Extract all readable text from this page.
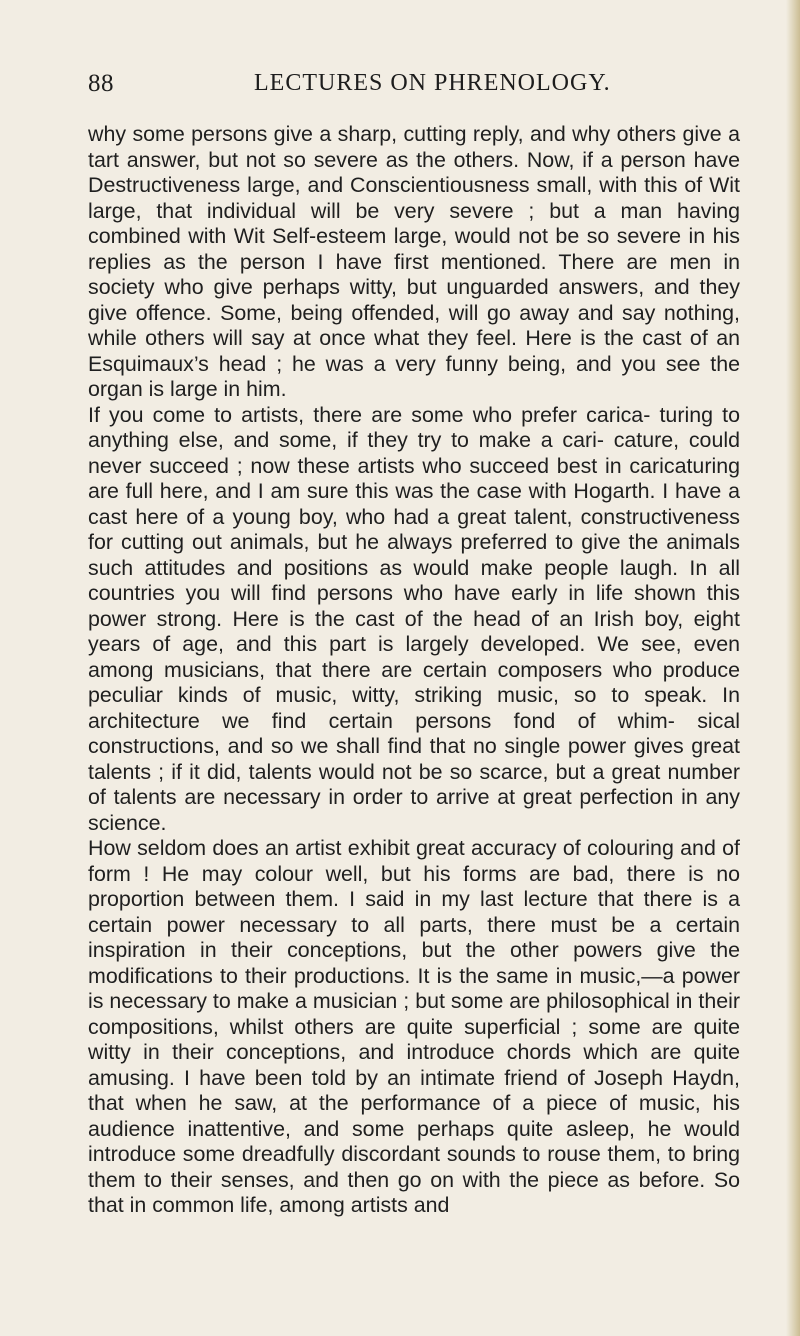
88	LECTURES ON PHRENOLOGY.

why some persons give a sharp, cutting reply, and why others give a tart answer, but not so severe as the others. Now, if a person have Destructiveness large, and Conscientiousness small, with this of Wit large, that individual will be very severe ; but a man having combined with Wit Self-esteem large, would not be so severe in his replies as the person I have first mentioned. There are men in society who give perhaps witty, but unguarded answers, and they give offence. Some, being offended, will go away and say nothing, while others will say at once what they feel. Here is the cast of an Esquimaux’s head ; he was a very funny being, and you see the organ is large in him.

If you come to artists, there are some who prefer carica- turing to anything else, and some, if they try to make a cari- cature, could never succeed ; now these artists who succeed best in caricaturing are full here, and I am sure this was the case with Hogarth. I have a cast here of a young boy, who had a great talent, constructiveness for cutting out animals, but he always preferred to give the animals such attitudes and positions as would make people laugh. In all countries you will find persons who have early in life shown this power strong. Here is the cast of the head of an Irish boy, eight years of age, and this part is largely developed. We see, even among musicians, that there are certain composers who produce peculiar kinds of music, witty, striking music, so to speak. In architecture we find certain persons fond of whim- sical constructions, and so we shall find that no single power gives great talents ; if it did, talents would not be so scarce, but a great number of talents are necessary in order to arrive at great perfection in any science.

How seldom does an artist exhibit great accuracy of colouring and of form ! He may colour well, but his forms are bad, there is no proportion between them. I said in my last lecture that there is a certain power necessary to all parts, there must be a certain inspiration in their conceptions, but the other powers give the modifications to their productions. It is the same in music,—a power is necessary to make a musician ; but some are philosophical in their compositions, whilst others are quite superficial ; some are quite witty in their conceptions, and introduce chords which are quite amusing. I have been told by an intimate friend of Joseph Haydn, that when he saw, at the performance of a piece of music, his audience inattentive, and some perhaps quite asleep, he would introduce some dreadfully discordant sounds to rouse them, to bring them to their senses, and then go on with the piece as before. So that in common life, among artists and
